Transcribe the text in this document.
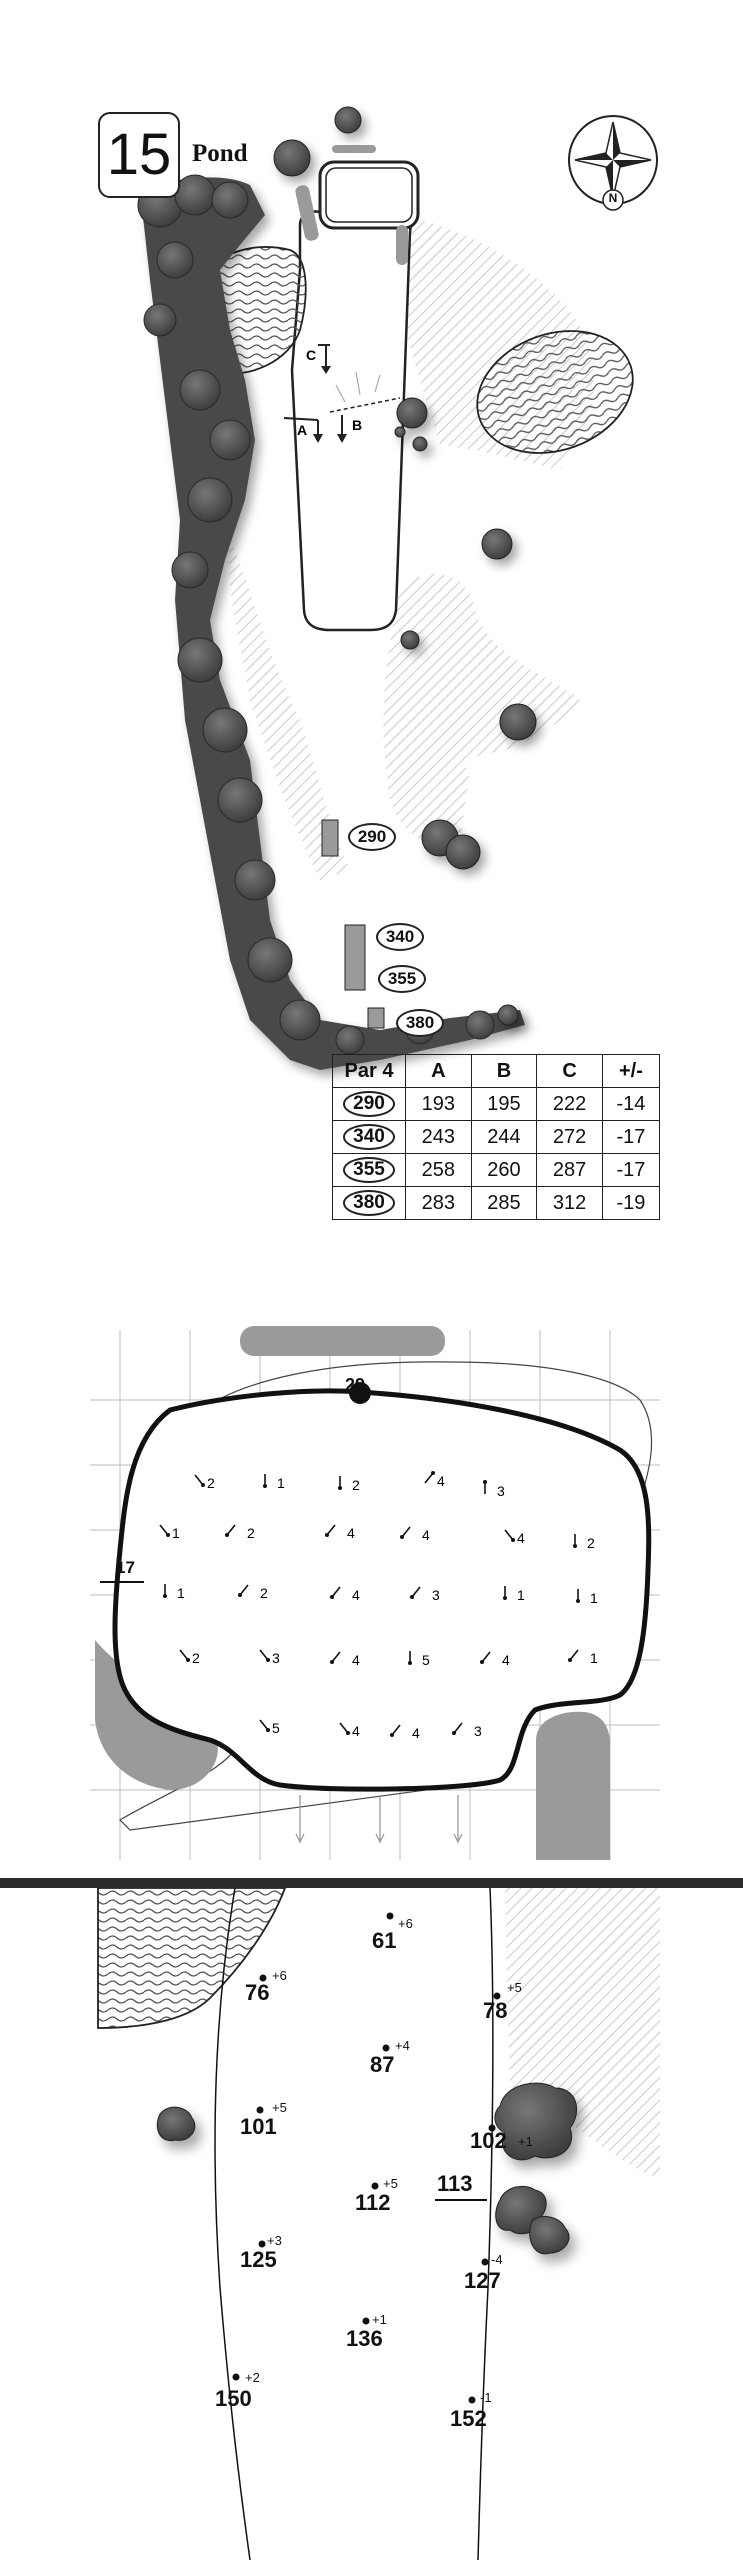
C
A	B
N
15 Pond
290
340
355
380
Par 4	A	B	C	+/-
290	193	195	222	-14
340	243	244	272	-17
355	258	260	287	-17
380	283	285	312	-19
2	1	2	4
3
1	2	4	4	4	2
1	2	4	3	1	1
2	3	4	5	4	1
5	4	4	3
29
17
+6
61
+6
76	+5
78
+4
87
+5
101
102 +1
+5
112
113
+3
125	-4
127
+1
136
+2
150	-1
152
